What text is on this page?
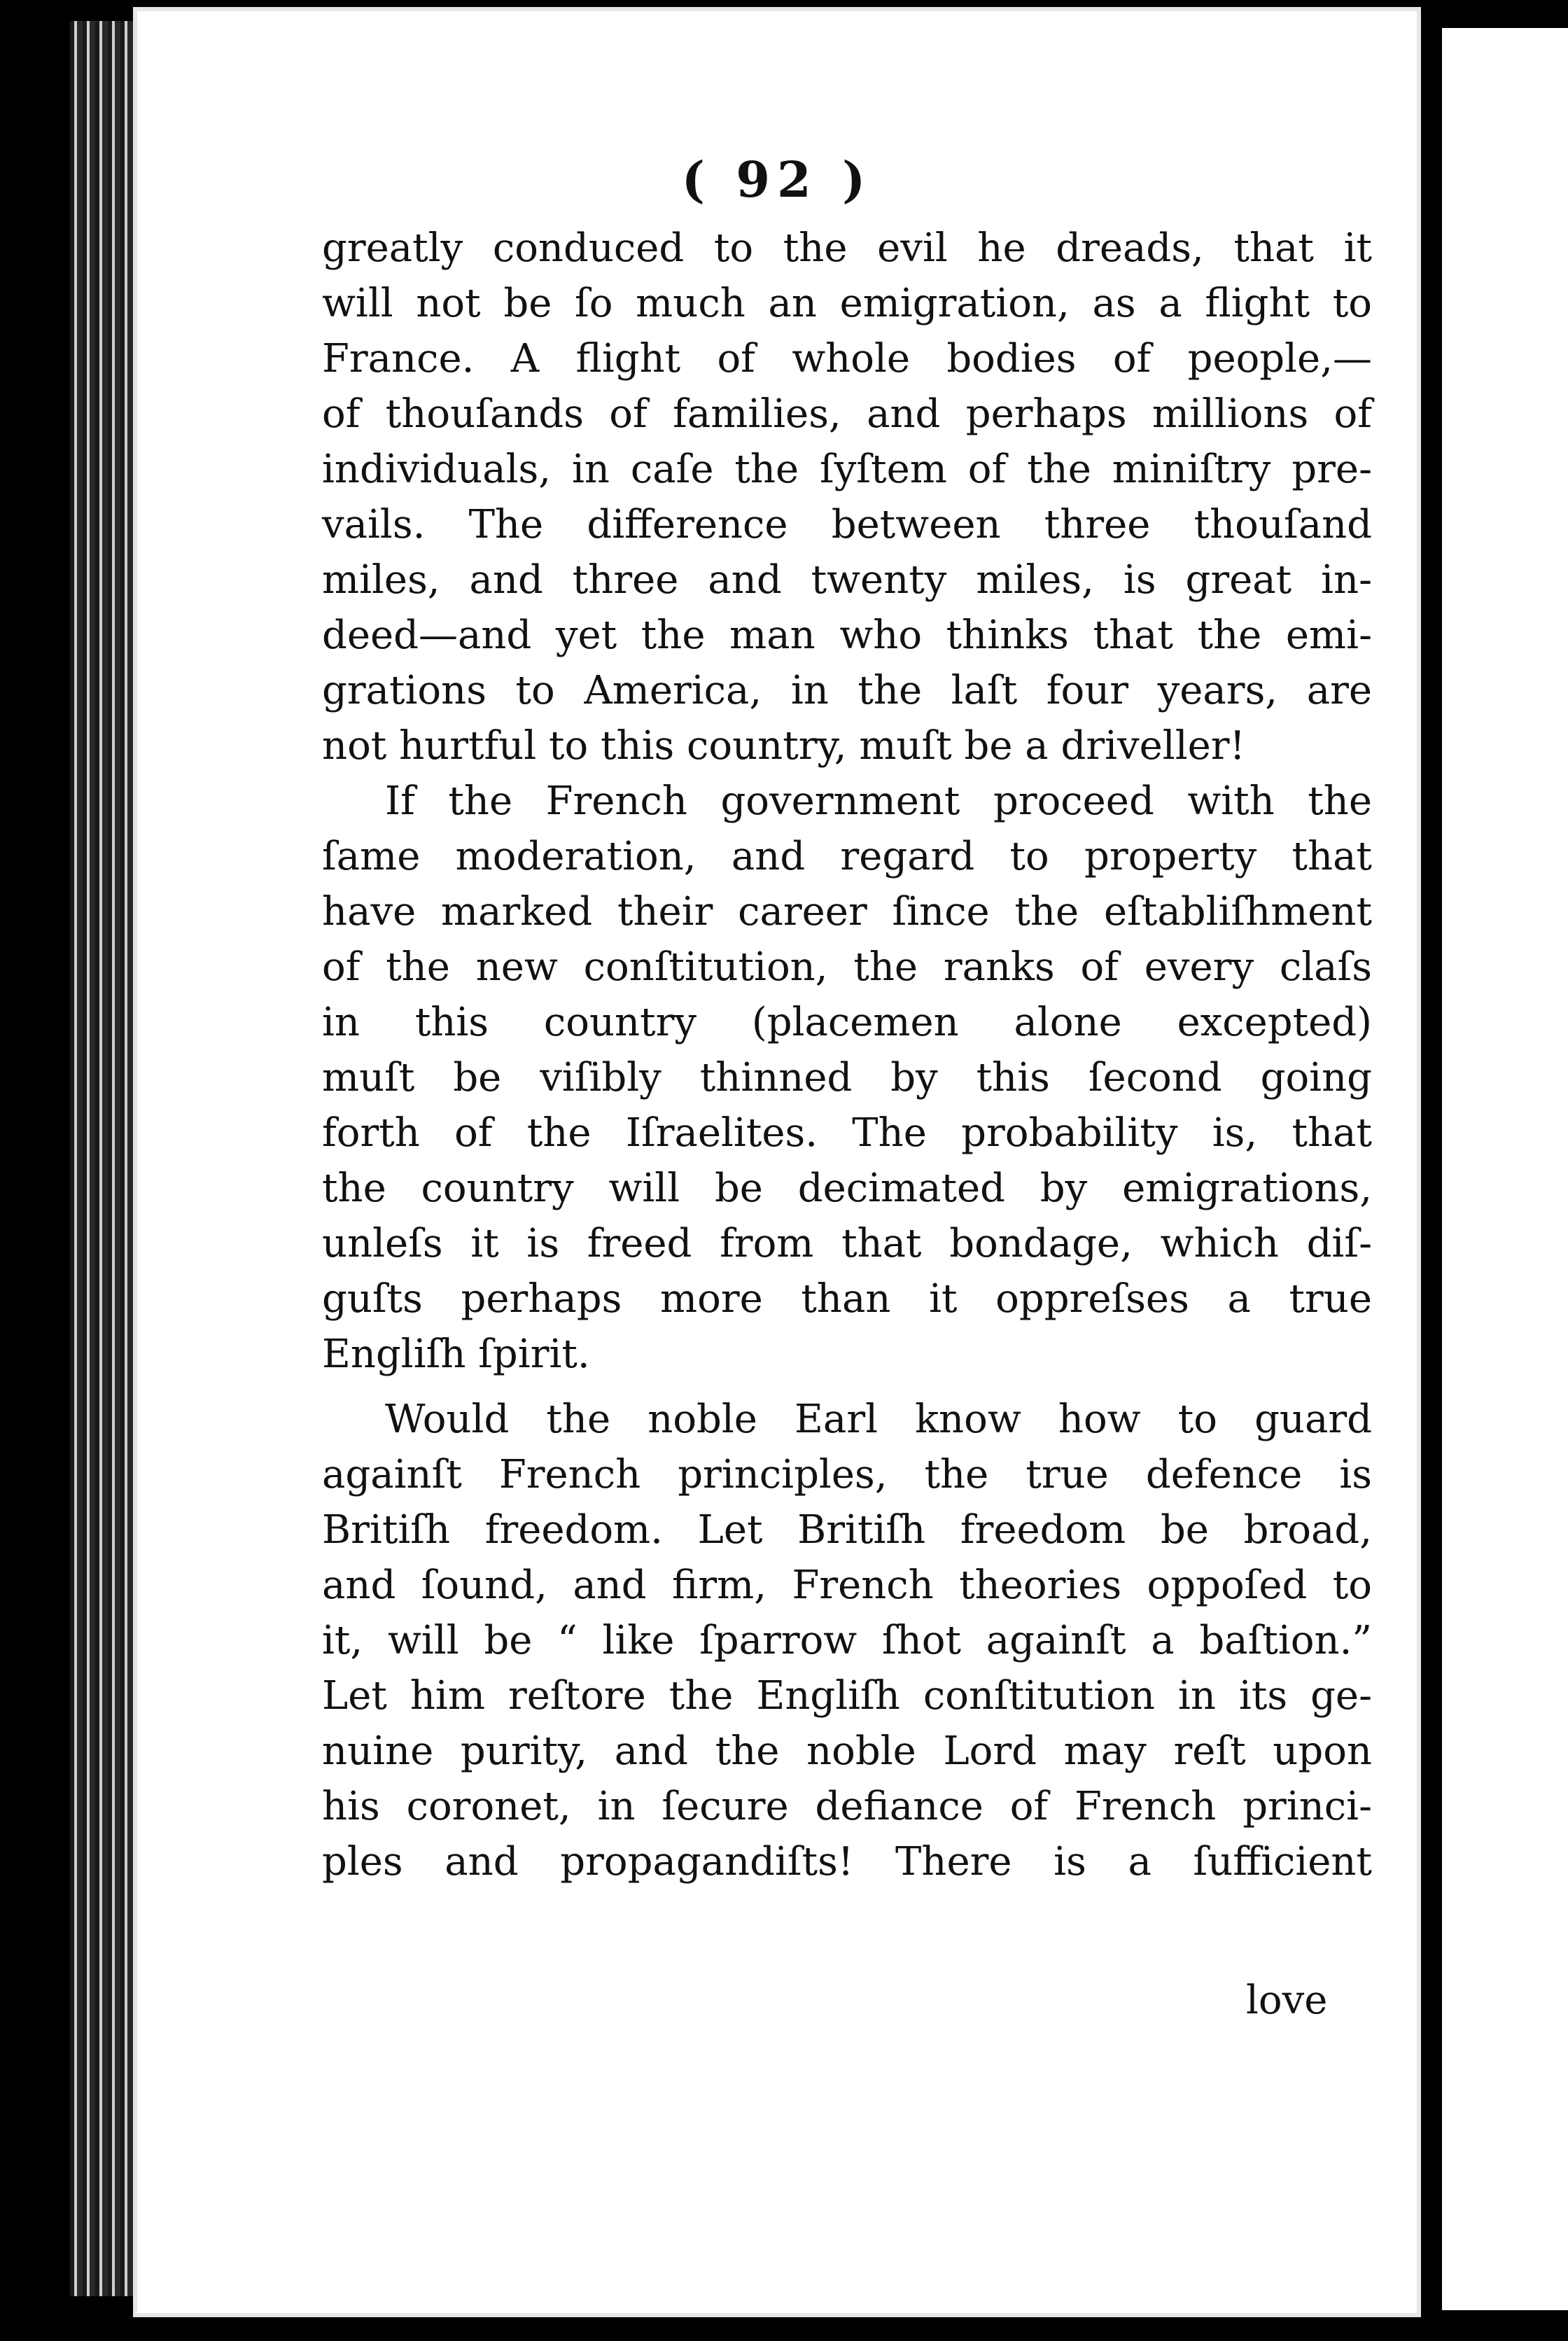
( 92 )

greatly conduced to the evil he dreads, that it

will not be ſo much an emigration, as a flight to

France. A flight of whole bodies of people,—

of thouſands of families, and perhaps millions of

individuals, in caſe the ſyſtem of the miniſtry pre-

vails. The difference between three thouſand

miles, and three and twenty miles, is great in-

deed—and yet the man who thinks that the emi-

grations to America, in the laſt four years, are

not hurtful to this country, muſt be a driveller!

If the French government proceed with the

ſame moderation, and regard to property that

have marked their career ſince the eſtabliſhment

of the new conſtitution, the ranks of every claſs

in this country (placemen alone excepted)

muſt be viſibly thinned by this ſecond going

forth of the Iſraelites. The probability is, that

the country will be decimated by emigrations,

unleſs it is freed from that bondage, which diſ-

guſts perhaps more than it oppreſses a true

Engliſh ſpirit.

Would the noble Earl know how to guard

againſt French principles, the true defence is

Britiſh freedom. Let Britiſh freedom be broad,

and ſound, and firm, French theories oppoſed to

it, will be “ like ſparrow ſhot againſt a baſtion.”

Let him reſtore the Engliſh conſtitution in its ge-

nuine purity, and the noble Lord may reſt upon

his coronet, in ſecure defiance of French princi-

ples and propagandiſts! There is a ſufficient

love
